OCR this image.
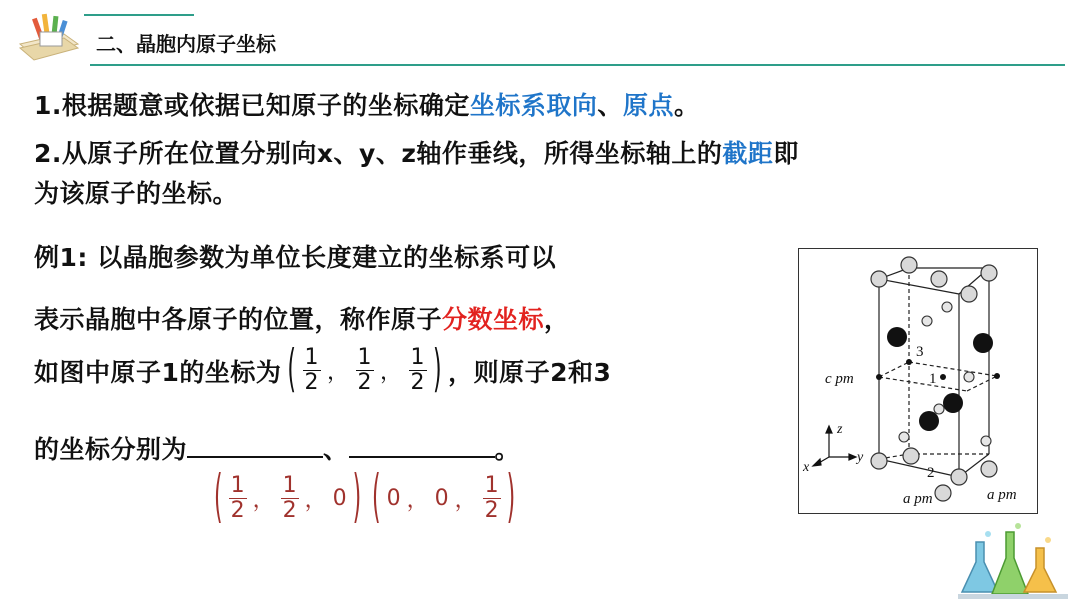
二、晶胞内原子坐标
1.根据题意或依据已知原子的坐标确定坐标系取向、原点。
2.从原子所在位置分别向x、y、z轴作垂线，所得坐标轴上的截距即
为该原子的坐标。
例1: 以晶胞参数为单位长度建立的坐标系可以
表示晶胞中各原子的位置，称作原子分数坐标，
如图中原子1的坐标为 ( $\frac{1}{2}$ ， $\frac{1}{2}$ ， $\frac{1}{2}$ ) ，则原子2和3
的坐标分别为	、	。
( $\frac{1}{2}$ ， $\frac{1}{2}$ ， 0 ) ( 0 ， 0 ， $\frac{1}{2}$ )
3
1
2
c pm
a pm	a pm
z
y
x
